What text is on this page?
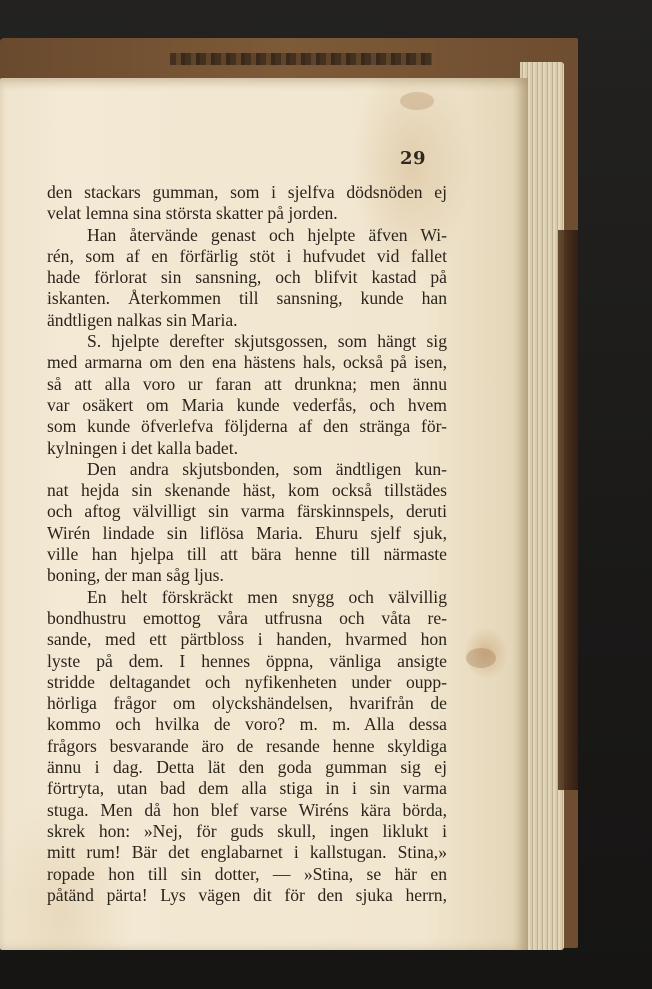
29
den stackars gumman, som i sjelfva dödsnöden ej
velat lemna sina största skatter på jorden.
Han återvände genast och hjelpte äfven Wi-
rén, som af en förfärlig stöt i hufvudet vid fallet
hade förlorat sin sansning, och blifvit kastad på
iskanten. Återkommen till sansning, kunde han
ändtligen nalkas sin Maria.
S. hjelpte derefter skjutsgossen, som hängt sig
med armarna om den ena hästens hals, också på isen,
så att alla voro ur faran att drunkna; men ännu
var osäkert om Maria kunde vederfås, och hvem
som kunde öfverlefva följderna af den stränga för-
kylningen i det kalla badet.
Den andra skjutsbonden, som ändtligen kun-
nat hejda sin skenande häst, kom också tillstädes
och aftog välvilligt sin varma färskinnspels, deruti
Wirén lindade sin liflösa Maria. Ehuru sjelf sjuk,
ville han hjelpa till att bära henne till närmaste
boning, der man såg ljus.
En helt förskräckt men snygg och välvillig
bondhustru emottog våra utfrusna och våta re-
sande, med ett pärtbloss i handen, hvarmed hon
lyste på dem. I hennes öppna, vänliga ansigte
stridde deltagandet och nyfikenheten under oupp-
hörliga frågor om olyckshändelsen, hvarifrån de
kommo och hvilka de voro? m. m. Alla dessa
frågors besvarande äro de resande henne skyldiga
ännu i dag. Detta lät den goda gumman sig ej
förtryta, utan bad dem alla stiga in i sin varma
stuga. Men då hon blef varse Wiréns kära börda,
skrek hon: »Nej, för guds skull, ingen liklukt i
mitt rum! Bär det englabarnet i kallstugan. Stina,»
ropade hon till sin dotter, — »Stina, se här en
påtänd pärta! Lys vägen dit för den sjuka herrn,
